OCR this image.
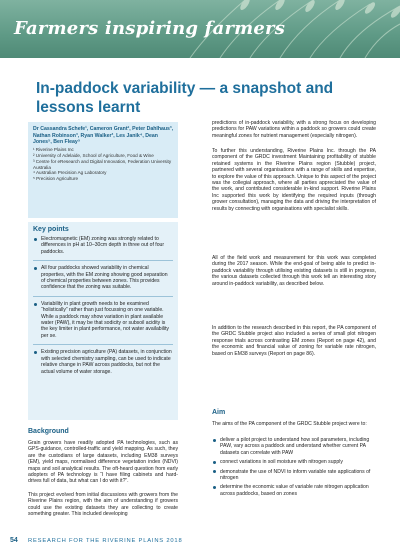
Farmers inspiring farmers
In-paddock variability — a snapshot and lessons learnt
Dr Cassandra Schefe¹, Cameron Grant², Peter Dahlhaus³, Nathan Robinson³, Ryan Walker³, Les Janik⁴, Dean Jones⁵, Ben Fleay⁵
¹ Riverine Plains Inc
² University of Adelaide, School of Agriculture, Food & Wine
³ Centre for eResearch and Digital Innovation, Federation University Australia
⁴ Australian Precision Ag Laboratory
⁵ Precision Agriculture
Key points
Electromagnetic (EM) zoning was strongly related to differences in pH at 10–30cm depth in three out of four paddocks.
All four paddocks showed variability in chemical properties, with the EM zoning showing good separation of chemical properties between zones. This provides confidence that the zoning was suitable.
Variability in plant growth needs to be examined “holistically” rather than just focussing on one variable. While a paddock may show variation in plant available water (PAW), it may be that sodicity or subsoil acidity is the key limiter in plant performance, not water availability per se.
Existing precision agriculture (PA) datasets, in conjunction with selected chemistry sampling, can be used to indicate relative change in PAW across paddocks, but not the actual volume of water storage.
Background
Grain growers have readily adopted PA technologies, such as GPS-guidance, controlled-traffic and yield mapping. As such, they are the custodians of large datasets, including EM38 surveys (EM), yield maps, normalised difference vegetation index (NDVI) maps and soil analytical results. The oft-heard question from early adopters of PA technology is “I have filing cabinets and hard-drives full of data, but what can I do with it?”.
This project evolved from initial discussions with growers from the Riverine Plains region, with the aim of understanding if growers could use the existing datasets they are collecting to create something greater. This included developing
predictions of in-paddock variability, with a strong focus on developing predictions for PAW variations within a paddock so growers could create meaningful zones for nutrient management (especially nitrogen).
To further this understanding, Riverine Plains Inc. through the PA component of the GRDC investment Maintaining profitability of stubble retained systems in the Riverine Plains region (Stubble) project, partnered with several organisations with a range of skills and expertise, to explore the value of this approach. Unique to this aspect of the project was the collegial approach, where all parties appreciated the value of the work, and contributed considerable in-kind support. Riverine Plains Inc supported this work by identifying the required inputs (through grower consultation), managing the data and driving the interpretation of results by connecting with organisations with specialist skills.
All of the field work and measurement for this work was completed during the 2017 season. While the end-goal of being able to predict in-paddock variability through utilising existing datasets is still in progress, the various datasets collected through this work tell an interesting story around in-paddock variability, as described below.
In addition to the research described in this report, the PA component of the GRDC Stubble project also included a series of small plot nitrogen response trials across contrasting EM zones (Report on page 42), and the economic and financial value of zoning for variable rate nitrogen, based on EM38 surveys (Report on page 86).
Aim
The aims of the PA component of the GRDC Stubble project were to:
deliver a pilot project to understand how soil parameters, including PAW, vary across a paddock and understand whether current PA datasets can correlate with PAW
connect variations in soil moisture with nitrogen supply
demonstrate the use of NDVI to inform variable rate applications of nitrogen
determine the economic value of variable rate nitrogen application across paddocks, based on zones
54 RESEARCH FOR THE RIVERINE PLAINS 2018
